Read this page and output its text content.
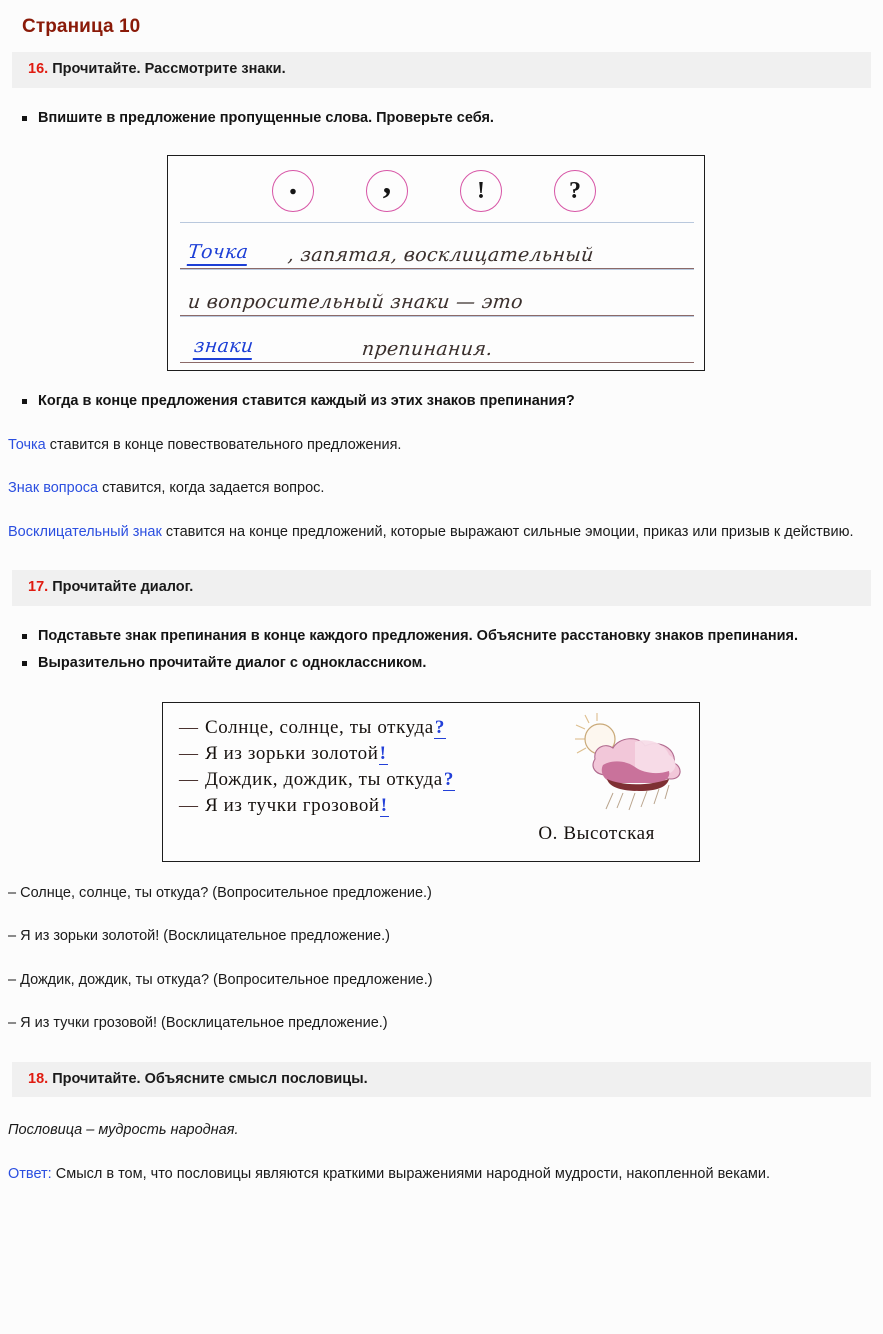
Страница 10
16. Прочитайте. Рассмотрите знаки.
Впишите в предложение пропущенные слова. Проверьте себя.
.	,	!	?
Точка , запятая, восклицательный
и вопросительный знаки — это
знаки	препинания.
Когда в конце предложения ставится каждый из этих знаков препинания?

Точка ставится в конце повествовательного предложения.

Знак вопроса ставится, когда задается вопрос.

Восклицательный знак ставится на конце предложений, которые выражают сильные эмоции, приказ или призыв к действию.

17. Прочитайте диалог.
Подставьте знак препинания в конце каждого предложения. Объясните расстановку знаков препинания.
Выразительно прочитайте диалог с одноклассником.
— Солнце, солнце, ты откуда?
— Я из зорьки золотой!
— Дождик, дождик, ты откуда?
— Я из тучки грозовой!
О. Высотская

– Солнце, солнце, ты откуда? (Вопросительное предложение.)

– Я из зорьки золотой! (Восклицательное предложение.)

– Дождик, дождик, ты откуда? (Вопросительное предложение.)

– Я из тучки грозовой! (Восклицательное предложение.)

18. Прочитайте. Объясните смысл пословицы.

Пословица – мудрость народная.

Ответ: Смысл в том, что пословицы являются краткими выражениями народной мудрости, накопленной веками.
